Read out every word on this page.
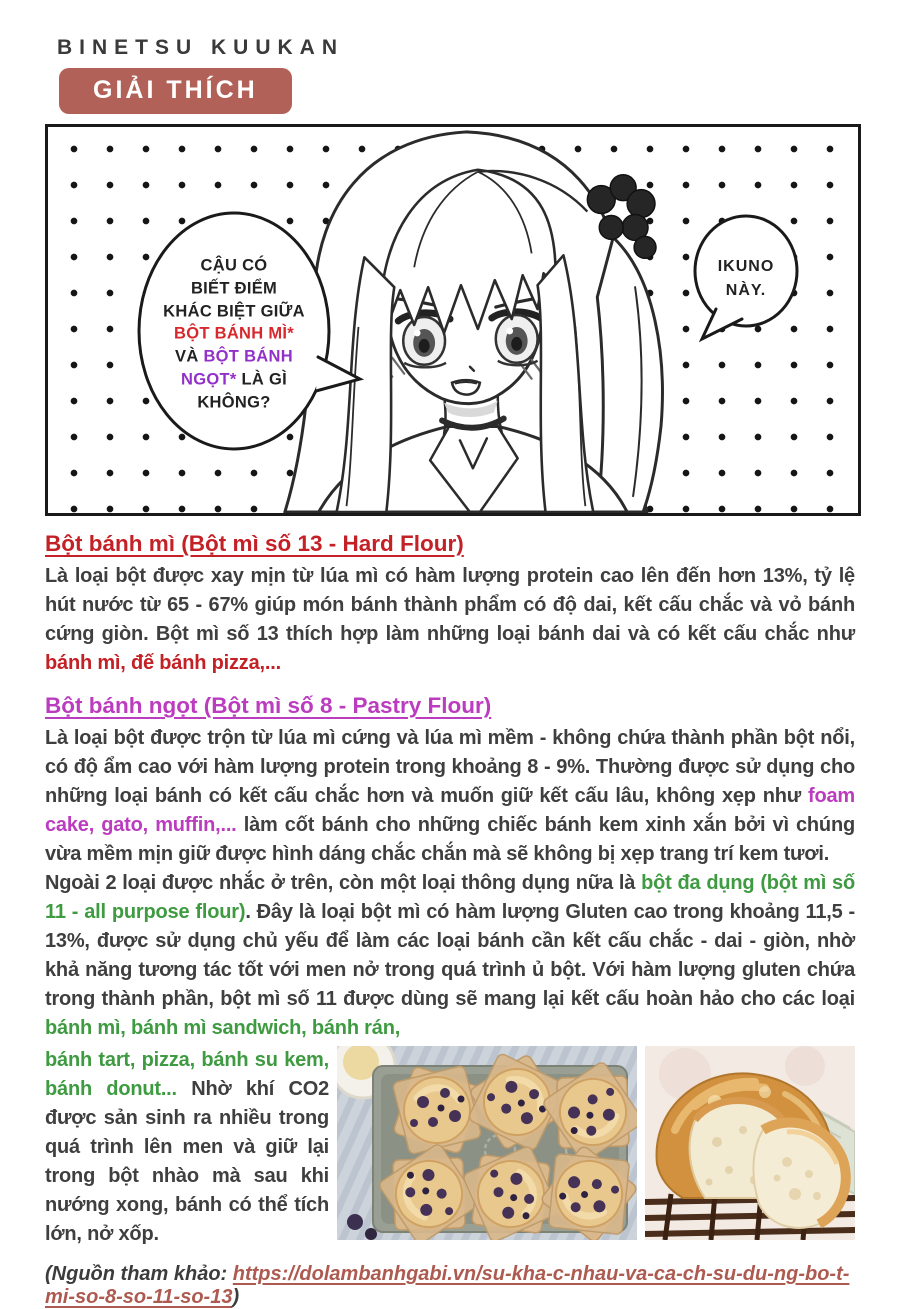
BINETSU KUUKAN
GIẢI THÍCH
CẬU CÓ
BIẾT ĐIỂM
KHÁC BIỆT GIỮA
BỘT BÁNH MÌ*
VÀ BỘT BÁNH
NGỌT* LÀ GÌ
KHÔNG?
IKUNO
NÀY.
Bột bánh mì (Bột mì số 13 - Hard Flour)

Là loại bột được xay mịn từ lúa mì có hàm lượng protein cao lên đến hơn 13%, tỷ lệ hút nước từ 65 - 67% giúp món bánh thành phẩm có độ dai, kết cấu chắc và vỏ bánh cứng giòn. Bột mì số 13 thích hợp làm những loại bánh dai và có kết cấu chắc như bánh mì, đế bánh pizza,...

Bột bánh ngọt (Bột mì số 8 - Pastry Flour)

Là loại bột được trộn từ lúa mì cứng và lúa mì mềm - không chứa thành phần bột nổi, có độ ẩm cao với hàm lượng protein trong khoảng 8 - 9%. Thường được sử dụng cho những loại bánh có kết cấu chắc hơn và muốn giữ kết cấu lâu, không xẹp như foam cake, gato, muffin,... làm cốt bánh cho những chiếc bánh kem xinh xắn bởi vì chúng vừa mềm mịn giữ được hình dáng chắc chắn mà sẽ không bị xẹp trang trí kem tươi.

Ngoài 2 loại được nhắc ở trên, còn một loại thông dụng nữa là bột đa dụng (bột mì số 11 - all purpose flour). Đây là loại bột mì có hàm lượng Gluten cao trong khoảng 11,5 - 13%, được sử dụng chủ yếu để làm các loại bánh cần kết cấu chắc - dai - giòn, nhờ khả năng tương tác tốt với men nở trong quá trình ủ bột. Với hàm lượng gluten chứa trong thành phần, bột mì số 11 được dùng sẽ mang lại kết cấu hoàn hảo cho các loại bánh mì, bánh mì sandwich, bánh rán,

bánh tart, pizza, bánh su kem, bánh donut... Nhờ khí CO2 được sản sinh ra nhiều trong quá trình lên men và giữ lại trong bột nhào mà sau khi nướng xong, bánh có thể tích lớn, nở xốp.

(Nguồn tham khảo: https://dolambanhgabi.vn/su-kha-c-nhau-va-ca-ch-su-du-ng-bo-t-mi-so-8-so-11-so-13)
